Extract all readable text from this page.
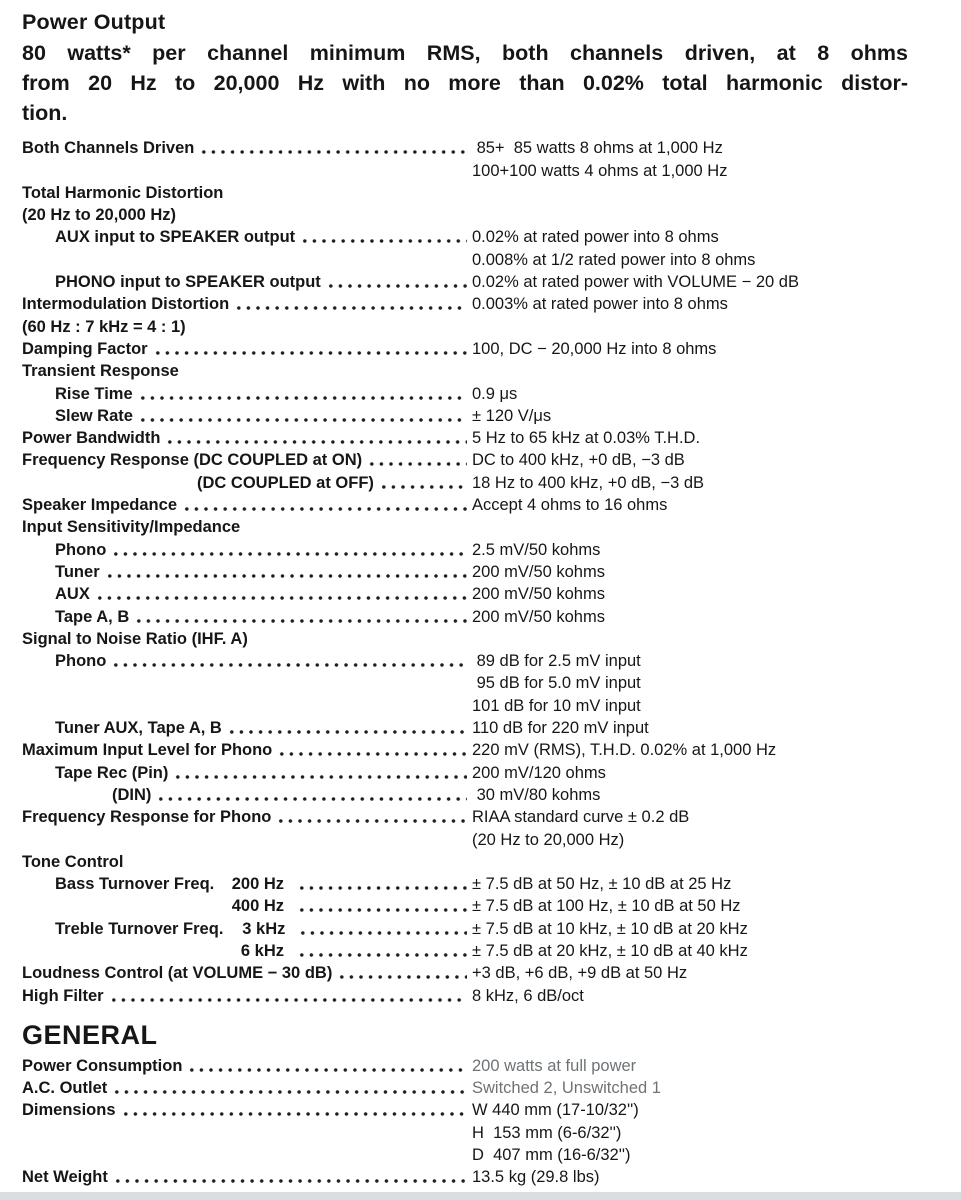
Power Output
80 watts* per channel minimum RMS, both channels driven, at 8 ohms
from 20 Hz to 20,000 Hz with no more than 0.02% total harmonic distor-
tion.
Both Channels Driven	85+  85 watts 8 ohms at 1,000 Hz
100+100 watts 4 ohms at 1,000 Hz
Total Harmonic Distortion
(20 Hz to 20,000 Hz)
AUX input to SPEAKER output	0.02% at rated power into 8 ohms
0.008% at 1/2 rated power into 8 ohms
PHONO input to SPEAKER output	0.02% at rated power with VOLUME − 20 dB
Intermodulation Distortion	0.003% at rated power into 8 ohms
(60 Hz : 7 kHz = 4 : 1)
Damping Factor	100, DC − 20,000 Hz into 8 ohms
Transient Response
Rise Time	0.9 μs
Slew Rate	± 120 V/μs
Power Bandwidth	5 Hz to 65 kHz at 0.03% T.H.D.
Frequency Response (DC COUPLED at ON)	DC to 400 kHz, +0 dB, −3 dB
(DC COUPLED at OFF)	18 Hz to 400 kHz, +0 dB, −3 dB
Speaker Impedance	Accept 4 ohms to 16 ohms
Input Sensitivity/Impedance
Phono	2.5 mV/50 kohms
Tuner	200 mV/50 kohms
AUX	200 mV/50 kohms
Tape A, B	200 mV/50 kohms
Signal to Noise Ratio (IHF. A)
Phono	89 dB for 2.5 mV input
95 dB for 5.0 mV input
101 dB for 10 mV input
Tuner AUX, Tape A, B	110 dB for 220 mV input
Maximum Input Level for Phono	220 mV (RMS), T.H.D. 0.02% at 1,000 Hz
Tape Rec (Pin)	200 mV/120 ohms
(DIN)	30 mV/80 kohms
Frequency Response for Phono	RIAA standard curve ± 0.2 dB
(20 Hz to 20,000 Hz)
Tone Control
Bass Turnover Freq.	200 Hz	± 7.5 dB at 50 Hz, ± 10 dB at 25 Hz
400 Hz	± 7.5 dB at 100 Hz, ± 10 dB at 50 Hz
Treble Turnover Freq.	3 kHz	± 7.5 dB at 10 kHz, ± 10 dB at 20 kHz
6 kHz	± 7.5 dB at 20 kHz, ± 10 dB at 40 kHz
Loudness Control (at VOLUME − 30 dB)	+3 dB, +6 dB, +9 dB at 50 Hz
High Filter	8 kHz, 6 dB/oct
GENERAL
Power Consumption	200 watts at full power
A.C. Outlet	Switched 2, Unswitched 1
Dimensions	W 440 mm (17-10/32'')
H  153 mm (6-6/32'')
D  407 mm (16-6/32'')
Net Weight	13.5 kg (29.8 lbs)
